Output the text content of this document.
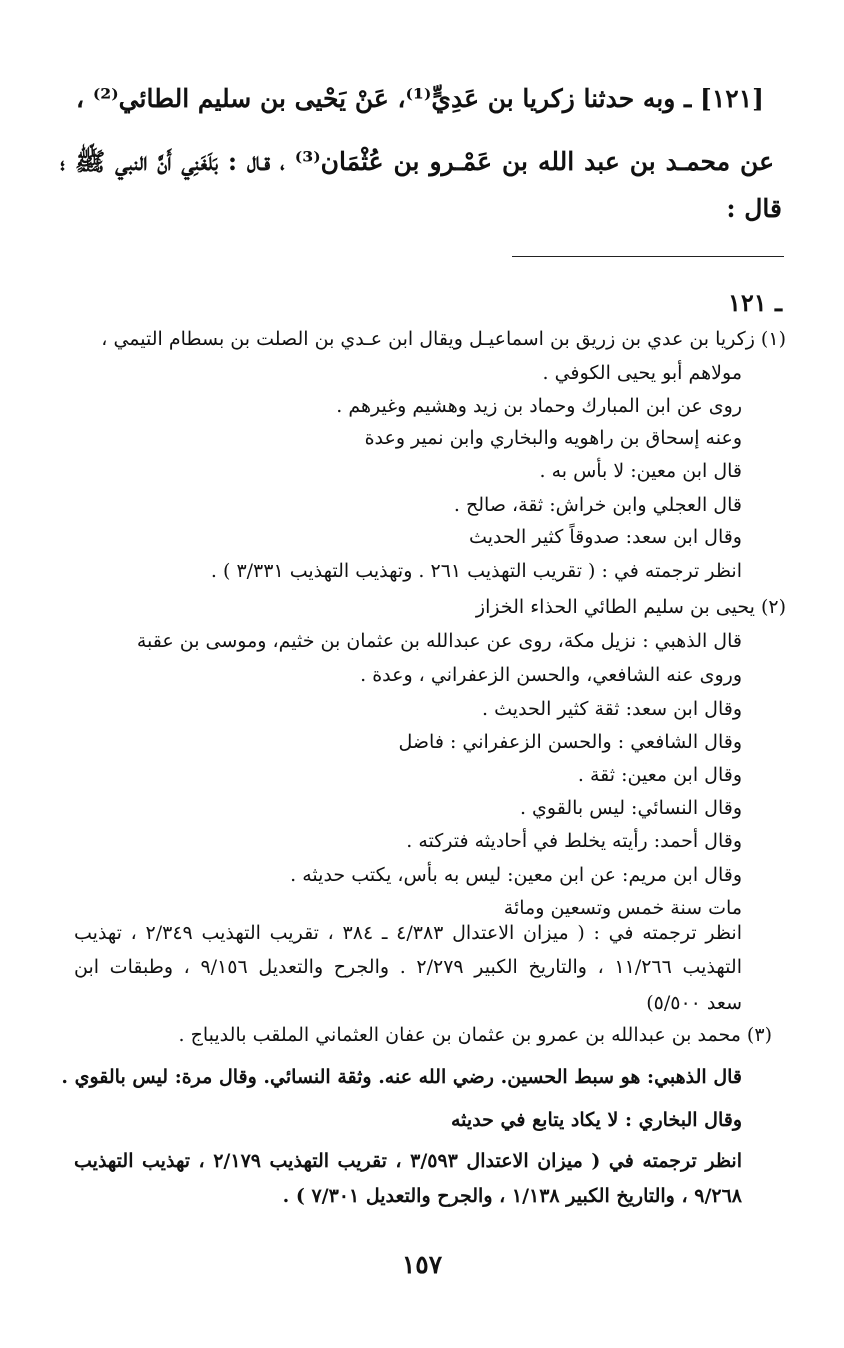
[١٢١] ـ وبه حدثنا زكريا بن عَدِيٍّ⁽¹⁾، عَنْ يَحْيى بن سليم الطائي⁽²⁾ ،
عن محمـد بن عبد الله بن عَمْـرو بن عُثْمَان⁽³⁾ ، قـال : بَلَغَنِي أَنَّ النبي ﷺ ؛
قال :
ـ ١٢١
(١) زكريا بن عدي بن زريق بن اسماعيـل ويقال ابن عـدي بن الصلت بن بسطام التيمي ،
مولاهم أبو يحيى الكوفي .
روى عن ابن المبارك وحماد بن زيد وهشيم وغيرهم .
وعنه إسحاق بن راهويه والبخاري وابن نمير وعدة
قال ابن معين: لا بأس به .
قال العجلي وابن خراش: ثقة، صالح .
وقال ابن سعد: صدوقاً كثير الحديث
انظر ترجمته في : ( تقريب التهذيب ٢٦١ . وتهذيب التهذيب ٣/٣٣١ ) .
(٢) يحيى بن سليم الطائي الحذاء الخزاز
قال الذهبي : نزيل مكة، روى عن عبدالله بن عثمان بن خثيم، وموسى بن عقبة
وروى عنه الشافعي، والحسن الزعفراني ، وعدة .
وقال ابن سعد: ثقة كثير الحديث .
وقال الشافعي : والحسن الزعفراني : فاضل
وقال ابن معين: ثقة .
وقال النسائي: ليس بالقوي .
وقال أحمد: رأيته يخلط في أحاديثه فتركته .
وقال ابن مريم: عن ابن معين: ليس به بأس، يكتب حديثه .
مات سنة خمس وتسعين ومائة
انظر ترجمته في : ( ميزان الاعتدال ٤/٣٨٣ ـ ٣٨٤ ، تقريب التهذيب ٢/٣٤٩ ، تهذيب
التهذيب ١١/٢٦٦ ، والتاريخ الكبير ٢/٢٧٩ . والجرح والتعديل ٩/١٥٦ ، وطبقات ابن
سعد ٥/٥٠٠)
(٣) محمد بن عبدالله بن عمرو بن عثمان بن عفان العثماني الملقب بالديباج .
قال الذهبي: هو سبط الحسين. رضي الله عنه. وثقة النسائي. وقال مرة: ليس بالقوي .
وقال البخاري : لا يكاد يتابع في حديثه
انظر ترجمته في ( ميزان الاعتدال ٣/٥٩٣ ، تقريب التهذيب ٢/١٧٩ ، تهذيب التهذيب
٩/٢٦٨ ، والتاريخ الكبير ١/١٣٨ ، والجرح والتعديل ٧/٣٠١ ) .
١٥٧
